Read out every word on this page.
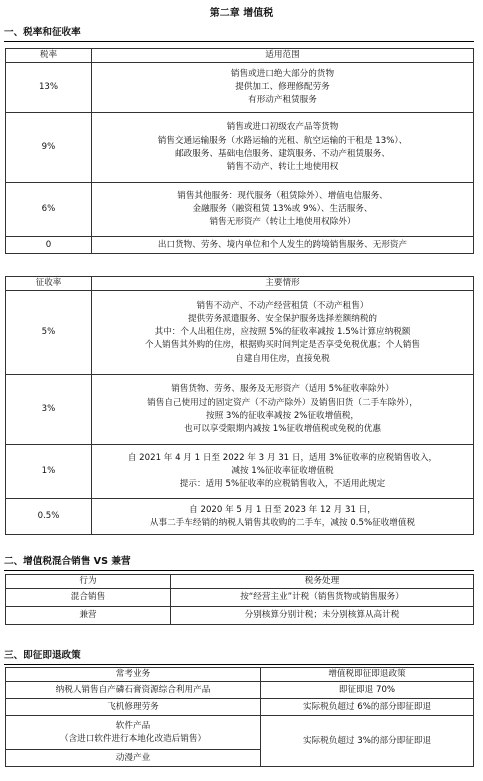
第二章 增值税
一、税率和征收率
税率	适用范围
13%	销售或进口绝大部分的货物
提供加工、修理修配劳务
有形动产租赁服务

9%	销售或进口初级农产品等货物
销售交通运输服务（水路运输的光租、航空运输的干租是 13%）、
邮政服务、基础电信服务、建筑服务、不动产租赁服务、
销售不动产、转让土地使用权

6%	销售其他服务：现代服务（租赁除外）、增值电信服务、
金融服务（融资租赁 13%或 9%）、生活服务、
销售无形资产（转让土地使用权除外）

0	出口货物、劳务、境内单位和个人发生的跨境销售服务、无形资产
征收率	主要情形
5%	销售不动产、不动产经营租赁（不动产租售）
提供劳务派遣服务、安全保护服务选择差额纳税的
其中：个人出租住房，应按照 5%的征收率减按 1.5%计算应纳税额
个人销售其外购的住房，根据购买时间判定是否享受免税优惠；个人销售
自建自用住房，直接免税

3%	销售货物、劳务、服务及无形资产（适用 5%征收率除外）
销售自己使用过的固定资产（不动产除外）及销售旧货（二手车除外），
按照 3%的征收率减按 2%征收增值税，
也可以享受限期内减按 1%征收增值税或免税的优惠

1%	自 2021 年 4 月 1 日至 2022 年 3 月 31 日，适用 3%征收率的应税销售收入，
减按 1%征收率征收增值税
提示：适用 5%征收率的应税销售收入，不适用此规定

0.5%	自 2020 年 5 月 1 日至 2023 年 12 月 31 日，
从事二手车经销的纳税人销售其收购的二手车，减按 0.5%征收增值税
二、增值税混合销售 VS 兼营
行为	税务处理
混合销售	按“经营主业”计税（销售货物或销售服务）
兼营	分别核算分别计税；未分别核算从高计税
三、即征即退政策
常考业务	增值税即征即退政策

纳税人销售自产磷石膏资源综合利用产品	即征即退 70%

飞机修理劳务	实际税负超过 6%的部分即征即退

软件产品
（含进口软件进行本地化改造后销售）	实际税负超过 3%的部分即征即退

动漫产业	
